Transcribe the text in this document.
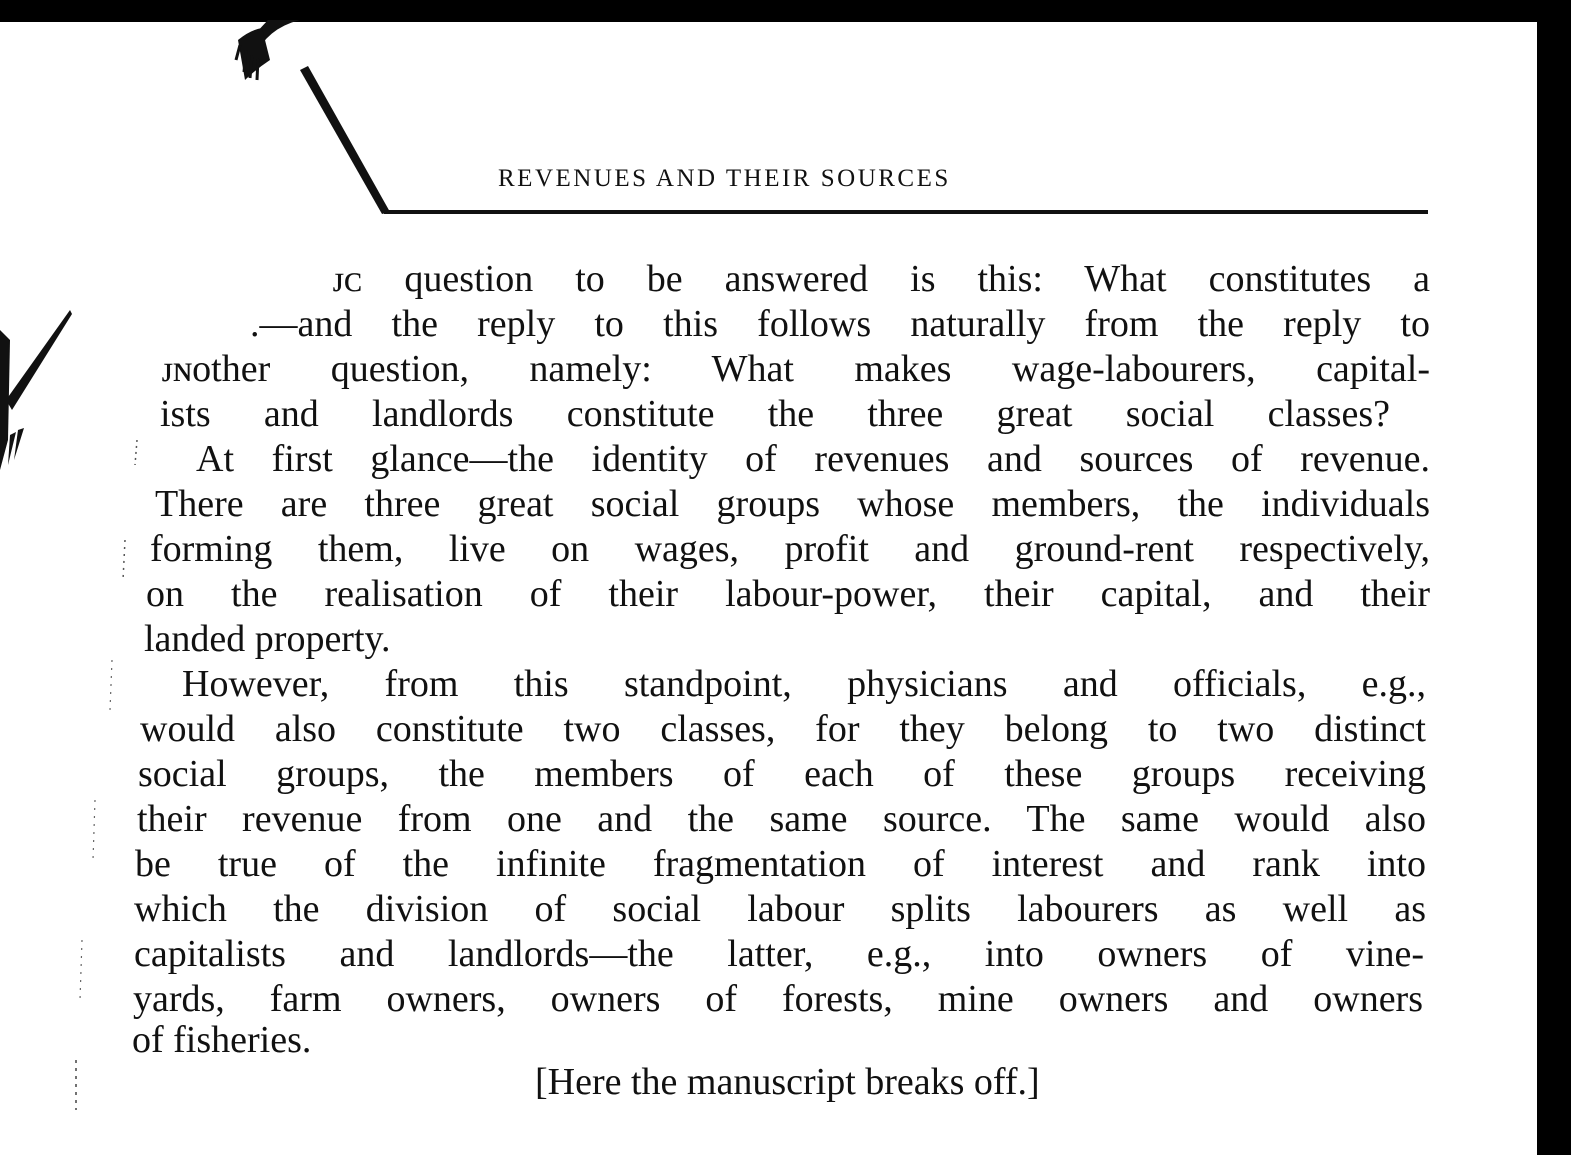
REVENUES AND THEIR SOURCES
ᴊᴄ question to be answered is this: What constitutes a
.—and the reply to this follows naturally from the reply to
ᴊɴother question, namely: What makes wage-labourers, capital-
ists and landlords constitute the three great social classes?
At first glance—the identity of revenues and sources of revenue.
There are three great social groups whose members, the individuals
forming them, live on wages, profit and ground-rent respectively,
on the realisation of their labour-power, their capital, and their
landed property.
However, from this standpoint, physicians and officials, e.g.,
would also constitute two classes, for they belong to two distinct
social groups, the members of each of these groups receiving
their revenue from one and the same source. The same would also
be true of the infinite fragmentation of interest and rank into
which the division of social labour splits labourers as well as
capitalists and landlords—the latter, e.g., into owners of vine-
yards, farm owners, owners of forests, mine owners and owners
of fisheries.
[Here the manuscript breaks off.]
